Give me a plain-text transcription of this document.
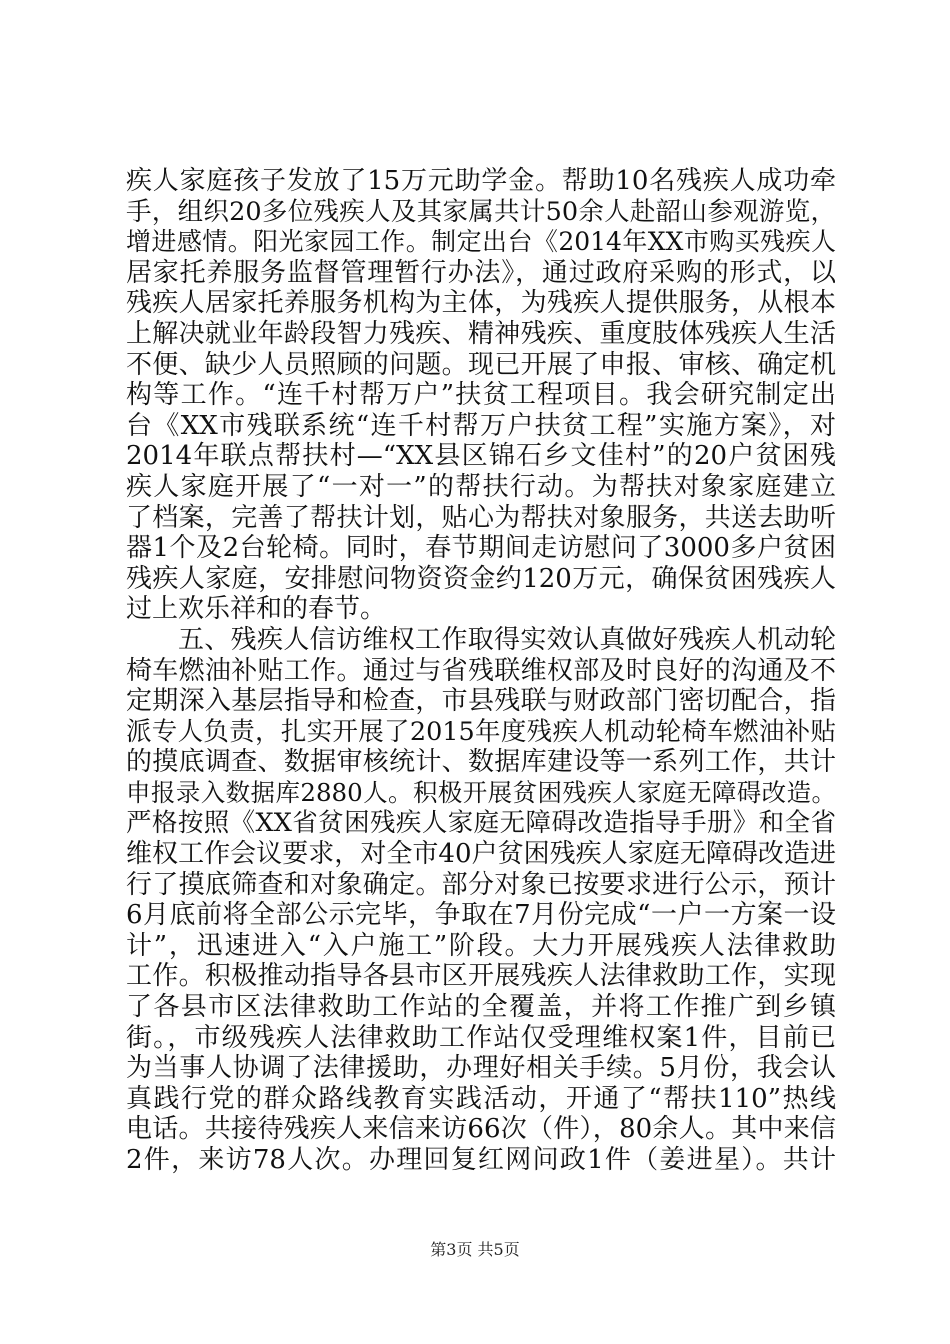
疾人家庭孩子发放了15万元助学金。帮助10名残疾人成功牵
手，组织20多位残疾人及其家属共计50余人赴韶山参观游览，
增进感情。阳光家园工作。制定出台《2014年XX市购买残疾人
居家托养服务监督管理暂行办法》，通过政府采购的形式，以
残疾人居家托养服务机构为主体，为残疾人提供服务，从根本
上解决就业年龄段智力残疾、精神残疾、重度肢体残疾人生活
不便、缺少人员照顾的问题。现已开展了申报、审核、确定机
构等工作。“连千村帮万户”扶贫工程项目。我会研究制定出
台《XX市残联系统“连千村帮万户扶贫工程”实施方案》，对
2014年联点帮扶村—“XX县区锦石乡文佳村”的20户贫困残
疾人家庭开展了“一对一”的帮扶行动。为帮扶对象家庭建立
了档案，完善了帮扶计划，贴心为帮扶对象服务，共送去助听
器1个及2台轮椅。同时，春节期间走访慰问了3000多户贫困
残疾人家庭，安排慰问物资资金约120万元，确保贫困残疾人
过上欢乐祥和的春节。
五、残疾人信访维权工作取得实效认真做好残疾人机动轮
椅车燃油补贴工作。通过与省残联维权部及时良好的沟通及不
定期深入基层指导和检查，市县残联与财政部门密切配合，指
派专人负责，扎实开展了2015年度残疾人机动轮椅车燃油补贴
的摸底调查、数据审核统计、数据库建设等一系列工作，共计
申报录入数据库2880人。积极开展贫困残疾人家庭无障碍改造。
严格按照《XX省贫困残疾人家庭无障碍改造指导手册》和全省
维权工作会议要求，对全市40户贫困残疾人家庭无障碍改造进
行了摸底筛查和对象确定。部分对象已按要求进行公示，预计
6月底前将全部公示完毕，争取在7月份完成“一户一方案一设
计”，迅速进入“入户施工”阶段。大力开展残疾人法律救助
工作。积极推动指导各县市区开展残疾人法律救助工作，实现
了各县市区法律救助工作站的全覆盖，并将工作推广到乡镇
街。，市级残疾人法律救助工作站仅受理维权案1件，目前已
为当事人协调了法律援助，办理好相关手续。5月份，我会认
真践行党的群众路线教育实践活动，开通了“帮扶110”热线
电话。共接待残疾人来信来访66次（件），80余人。其中来信
2件，来访78人次。办理回复红网问政1件（姜进星）。共计
第3页 共5页
